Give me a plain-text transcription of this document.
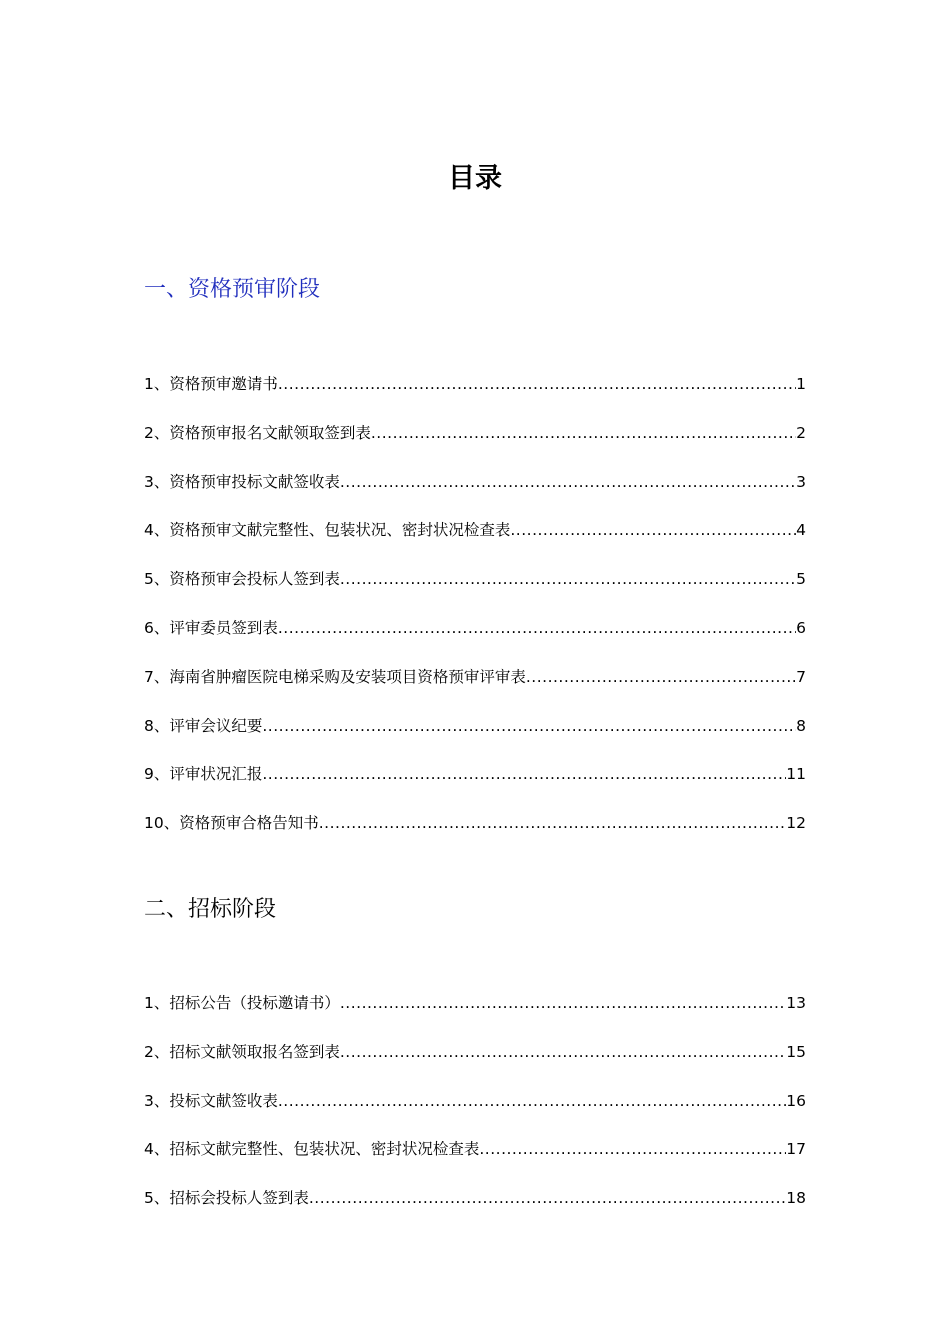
目录
一、资格预审阶段
1、资格预审邀请书 .....	1
2、资格预审报名文献领取签到表 .....	2
3、资格预审投标文献签收表 .....	3
4、资格预审文献完整性、包装状况、密封状况检查表 .....	4
5、资格预审会投标人签到表 .....	5
6、评审委员签到表 .....	6
7、海南省肿瘤医院电梯采购及安装项目资格预审评审表 .....	7
8、评审会议纪要 .....	8
9、评审状况汇报 .....	11
10、资格预审合格告知书 .....	12
二、招标阶段
1、招标公告（投标邀请书） .....	13
2、招标文献领取报名签到表 .....	15
3、投标文献签收表 .....	16
4、招标文献完整性、包装状况、密封状况检查表 .....	17
5、招标会投标人签到表 .....	18
